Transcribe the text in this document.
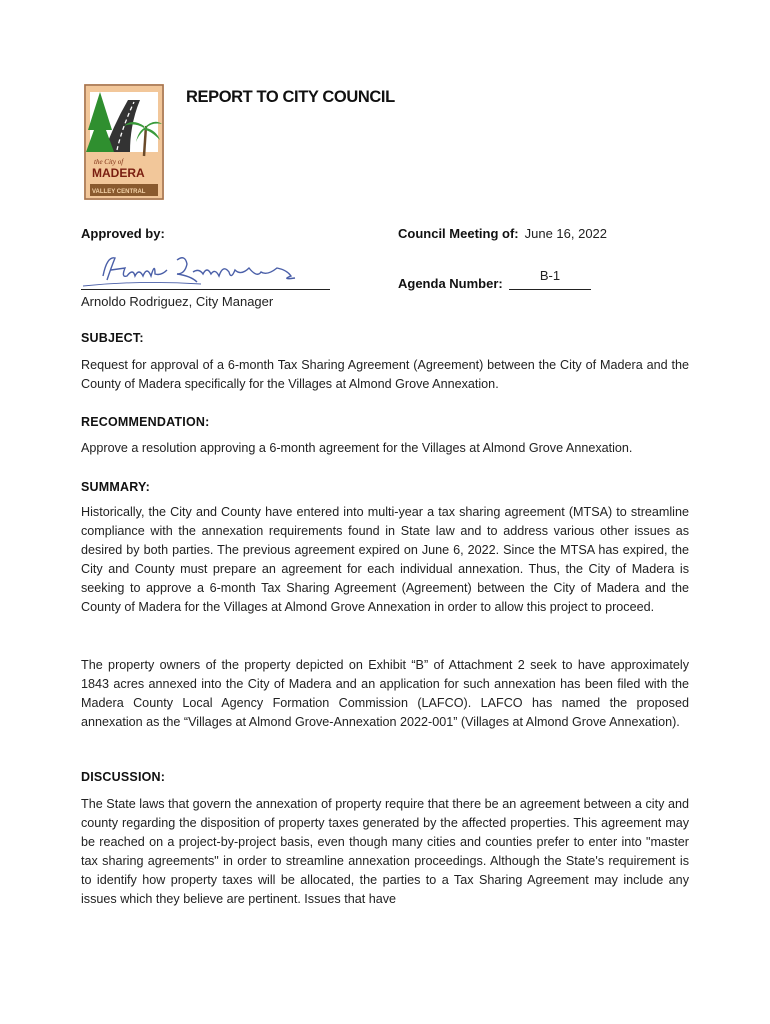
the City of
MADERA
VALLEY CENTRAL
REPORT TO CITY COUNCIL
Approved by:
Arnoldo Rodriguez, City Manager
Council Meeting of: June 16, 2022
Agenda Number:
B-1
SUBJECT:

Request for approval of a 6-month Tax Sharing Agreement (Agreement) between the City of Madera and the County of Madera specifically for the Villages at Almond Grove Annexation.

RECOMMENDATION:

Approve a resolution approving a 6-month agreement for the Villages at Almond Grove Annexation.

SUMMARY:

Historically, the City and County have entered into multi-year a tax sharing agreement (MTSA) to streamline compliance with the annexation requirements found in State law and to address various other issues as desired by both parties. The previous agreement expired on June 6, 2022. Since the MTSA has expired, the City and County must prepare an agreement for each individual annexation. Thus, the City of Madera is seeking to approve a 6-month Tax Sharing Agreement (Agreement) between the City of Madera and the County of Madera for the Villages at Almond Grove Annexation in order to allow this project to proceed.

The property owners of the property depicted on Exhibit “B” of Attachment 2 seek to have approximately 1843 acres annexed into the City of Madera and an application for such annexation has been filed with the Madera County Local Agency Formation Commission (LAFCO). LAFCO has named the proposed annexation as the “Villages at Almond Grove-Annexation 2022-001” (Villages at Almond Grove Annexation).

DISCUSSION:

The State laws that govern the annexation of property require that there be an agreement between a city and county regarding the disposition of property taxes generated by the affected properties. This agreement may be reached on a project-by-project basis, even though many cities and counties prefer to enter into "master tax sharing agreements" in order to streamline annexation proceedings. Although the State's requirement is to identify how property taxes will be allocated, the parties to a Tax Sharing Agreement may include any issues which they believe are pertinent. Issues that have
